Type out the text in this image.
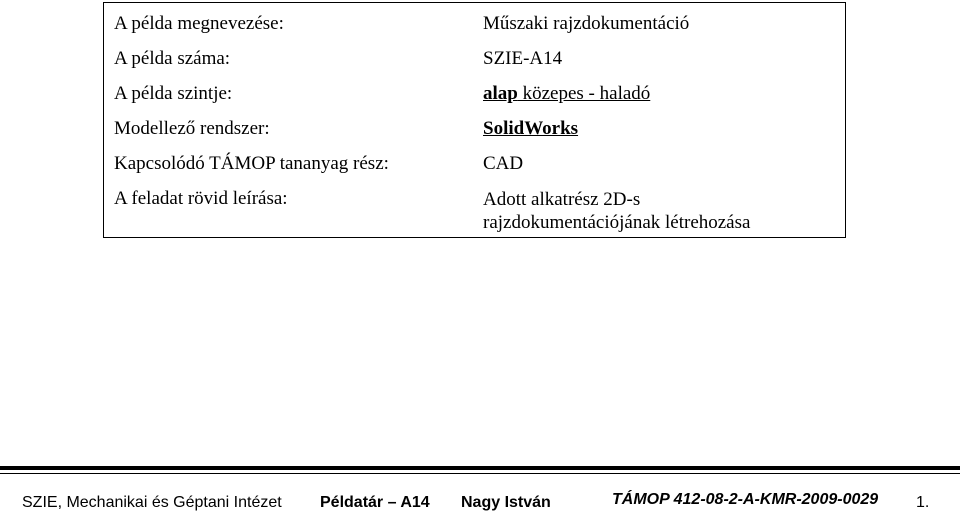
A példa megnevezése:	Műszaki rajzdokumentáció
A példa száma:	SZIE-A14
A példa szintje:	alap közepes - haladó
Modellező rendszer:	SolidWorks
Kapcsolódó TÁMOP tananyag rész:	CAD
A feladat rövid leírása:	Adott alkatrész 2D-s rajzdokumentációjának létrehozása
SZIE, Mechanikai és Géptani Intézet Példatár – A14 Nagy István	TÁMOP 412-08-2-A-KMR-2009-0029 1.
